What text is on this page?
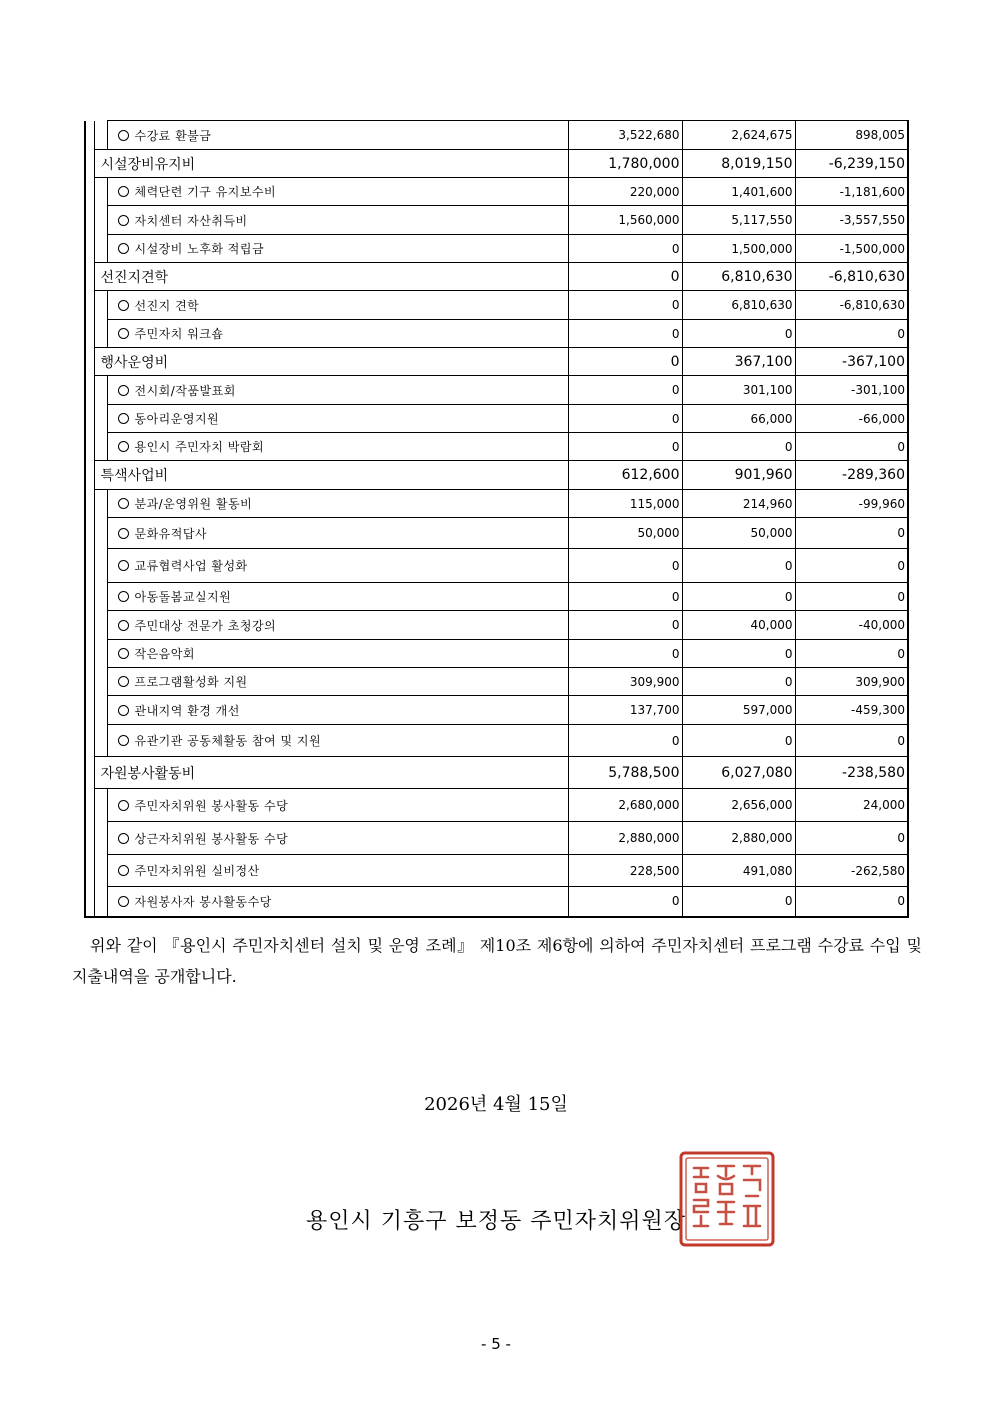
		수강료 환불금	3,522,680	2,624,675	898,005
	시설장비유지비		1,780,000	8,019,150	-6,239,150
		체력단련 기구 유지보수비	220,000	1,401,600	-1,181,600
		자치센터 자산취득비	1,560,000	5,117,550	-3,557,550
		시설장비 노후화 적립금	0	1,500,000	-1,500,000
	선진지견학		0	6,810,630	-6,810,630
		선진지 견학	0	6,810,630	-6,810,630
		주민자치 워크숍	0	0	0
	행사운영비		0	367,100	-367,100
		전시회/작품발표회	0	301,100	-301,100
		동아리운영지원	0	66,000	-66,000
		용인시 주민자치 박람회	0	0	0
	특색사업비		612,600	901,960	-289,360
		분과/운영위원 활동비	115,000	214,960	-99,960
		문화유적답사	50,000	50,000	0
		교류협력사업 활성화	0	0	0
		아동돌봄교실지원	0	0	0
		주민대상 전문가 초청강의	0	40,000	-40,000
		작은음악회	0	0	0
		프로그램활성화 지원	309,900	0	309,900
		관내지역 환경 개선	137,700	597,000	-459,300
		유관기관 공동체활동 참여 및 지원	0	0	0
	자원봉사활동비		5,788,500	6,027,080	-238,580
		주민자치위원 봉사활동 수당	2,680,000	2,656,000	24,000
		상근자치위원 봉사활동 수당	2,880,000	2,880,000	0
		주민자치위원 실비정산	228,500	491,080	-262,580
		자원봉사자 봉사활동수당	0	0	0

위와 같이 『용인시 주민자치센터 설치 및 운영 조례』 제10조 제6항에 의하여 주민자치센터 프로그램 수강료 수입 및 지출내역을 공개합니다.

2026년 4월 15일
용인시 기흥구 보정동 주민자치위원장
- 5 -
